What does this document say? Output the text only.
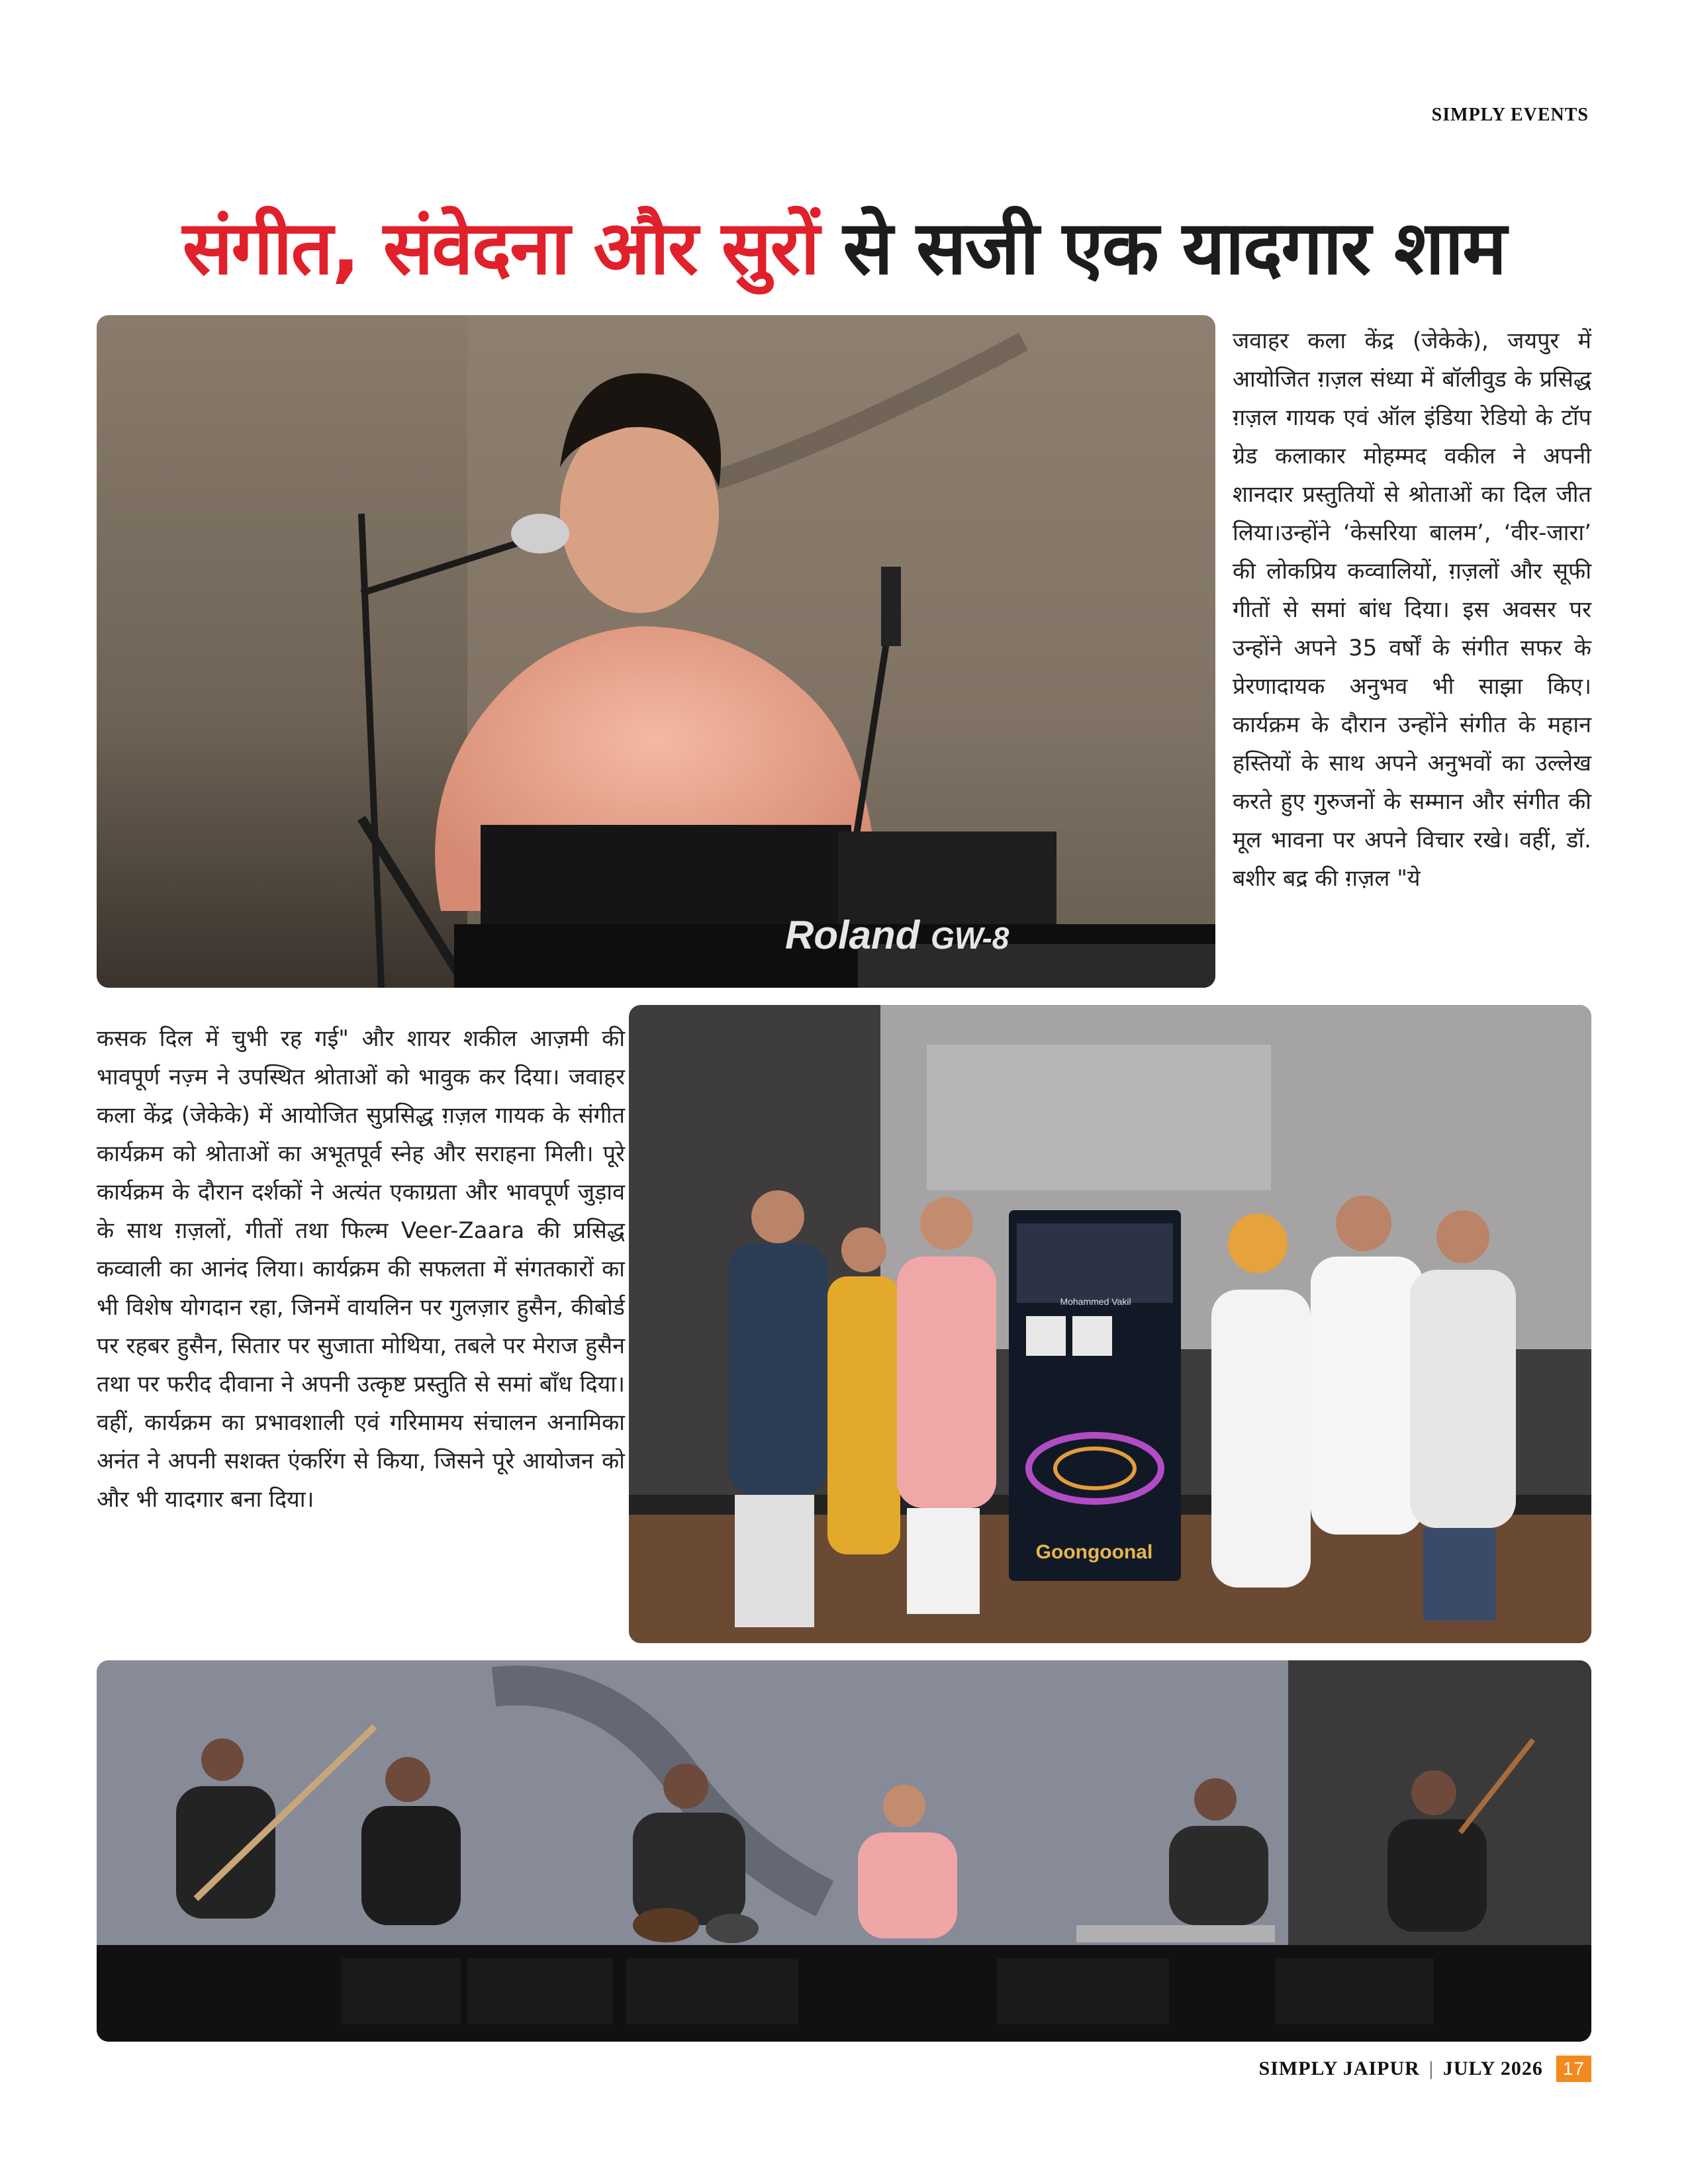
SIMPLY EVENTS
संगीत, संवेदना और सुरों से सजी एक यादगार शाम
Roland GW-8

जवाहर कला केंद्र (जेकेके), जयपुर में आयोजित ग़ज़ल संध्या में बॉलीवुड के प्रसिद्ध ग़ज़ल गायक एवं ऑल इंडिया रेडियो के टॉप ग्रेड कलाकार मोहम्मद वकील ने अपनी शानदार प्रस्तुतियों से श्रोताओं का दिल जीत लिया।उन्होंने ‘केसरिया बालम’, ‘वीर-जारा’ की लोकप्रिय कव्वालियों, ग़ज़लों और सूफी गीतों से समां बांध दिया। इस अवसर पर उन्होंने अपने 35 वर्षों के संगीत सफर के प्रेरणादायक अनुभव भी साझा किए। कार्यक्रम के दौरान उन्होंने संगीत के महान हस्तियों के साथ अपने अनुभवों का उल्लेख करते हुए गुरुजनों के सम्मान और संगीत की मूल भावना पर अपने विचार रखे। वहीं, डॉ. बशीर बद्र की ग़ज़ल "ये

कसक दिल में चुभी रह गई" और शायर शकील आज़मी की भावपूर्ण नज़्म ने उपस्थित श्रोताओं को भावुक कर दिया। जवाहर कला केंद्र (जेकेके) में आयोजित सुप्रसिद्ध ग़ज़ल गायक के संगीत कार्यक्रम को श्रोताओं का अभूतपूर्व स्नेह और सराहना मिली। पूरे कार्यक्रम के दौरान दर्शकों ने अत्यंत एकाग्रता और भावपूर्ण जुड़ाव के साथ ग़ज़लों, गीतों तथा फिल्म Veer-Zaara की प्रसिद्ध कव्वाली का आनंद लिया। कार्यक्रम की सफलता में संगतकारों का भी विशेष योगदान रहा, जिनमें वायलिन पर गुलज़ार हुसैन, कीबोर्ड पर रहबर हुसैन, सितार पर सुजाता मोथिया, तबले पर मेराज हुसैन तथा पर फरीद दीवाना ने अपनी उत्कृष्ट प्रस्तुति से समां बाँध दिया। वहीं, कार्यक्रम का प्रभावशाली एवं गरिमामय संचालन अनामिका अनंत ने अपनी सशक्त एंकरिंग से किया, जिसने पूरे आयोजन को और भी यादगार बना दिया।

Mohammed Vakil
Goongoonal
SIMPLY JAIPUR | JULY 2026	17
